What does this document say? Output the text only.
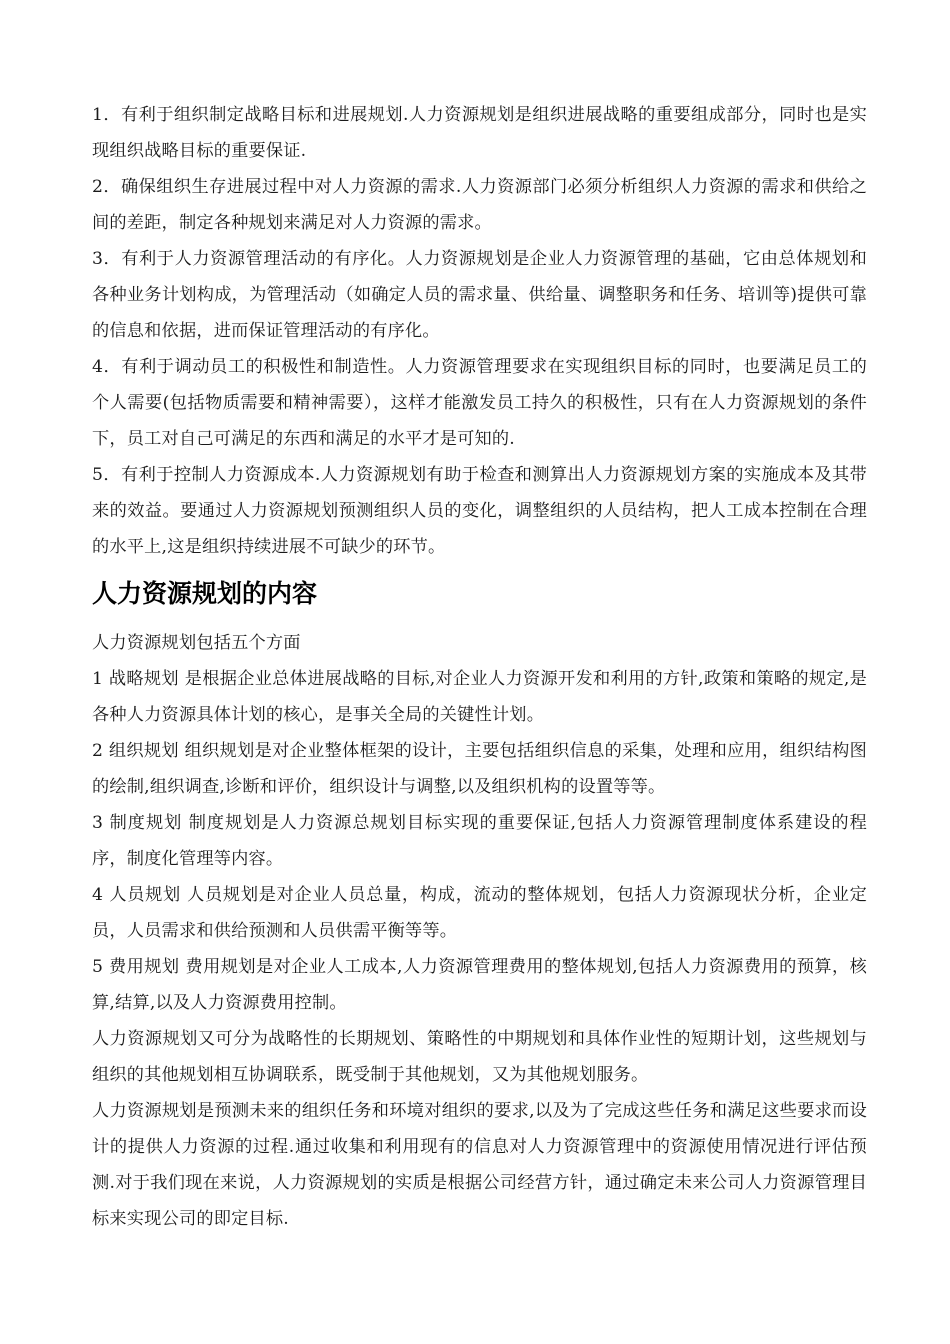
1．有利于组织制定战略目标和进展规划.人力资源规划是组织进展战略的重要组成部分，同时也是实现组织战略目标的重要保证.

2．确保组织生存进展过程中对人力资源的需求.人力资源部门必须分析组织人力资源的需求和供给之间的差距，制定各种规划来满足对人力资源的需求。

3．有利于人力资源管理活动的有序化。人力资源规划是企业人力资源管理的基础，它由总体规划和各种业务计划构成，为管理活动（如确定人员的需求量、供给量、调整职务和任务、培训等)提供可靠的信息和依据，进而保证管理活动的有序化。

4．有利于调动员工的积极性和制造性。人力资源管理要求在实现组织目标的同时，也要满足员工的个人需要(包括物质需要和精神需要），这样才能激发员工持久的积极性，只有在人力资源规划的条件下，员工对自己可满足的东西和满足的水平才是可知的.

5．有利于控制人力资源成本.人力资源规划有助于检查和测算出人力资源规划方案的实施成本及其带来的效益。要通过人力资源规划预测组织人员的变化，调整组织的人员结构，把人工成本控制在合理的水平上,这是组织持续进展不可缺少的环节。

人力资源规划的内容

人力资源规划包括五个方面

1 战略规划 是根据企业总体进展战略的目标,对企业人力资源开发和利用的方针,政策和策略的规定,是各种人力资源具体计划的核心，是事关全局的关键性计划。

2 组织规划 组织规划是对企业整体框架的设计，主要包括组织信息的采集，处理和应用，组织结构图的绘制,组织调查,诊断和评价，组织设计与调整,以及组织机构的设置等等。

3 制度规划 制度规划是人力资源总规划目标实现的重要保证,包括人力资源管理制度体系建设的程序，制度化管理等内容。

4 人员规划 人员规划是对企业人员总量，构成，流动的整体规划，包括人力资源现状分析，企业定员，人员需求和供给预测和人员供需平衡等等。

5 费用规划 费用规划是对企业人工成本,人力资源管理费用的整体规划,包括人力资源费用的预算，核算,结算,以及人力资源费用控制。

人力资源规划又可分为战略性的长期规划、策略性的中期规划和具体作业性的短期计划，这些规划与组织的其他规划相互协调联系，既受制于其他规划，又为其他规划服务。

人力资源规划是预测未来的组织任务和环境对组织的要求,以及为了完成这些任务和满足这些要求而设计的提供人力资源的过程.通过收集和利用现有的信息对人力资源管理中的资源使用情况进行评估预测.对于我们现在来说，人力资源规划的实质是根据公司经营方针，通过确定未来公司人力资源管理目标来实现公司的即定目标.
